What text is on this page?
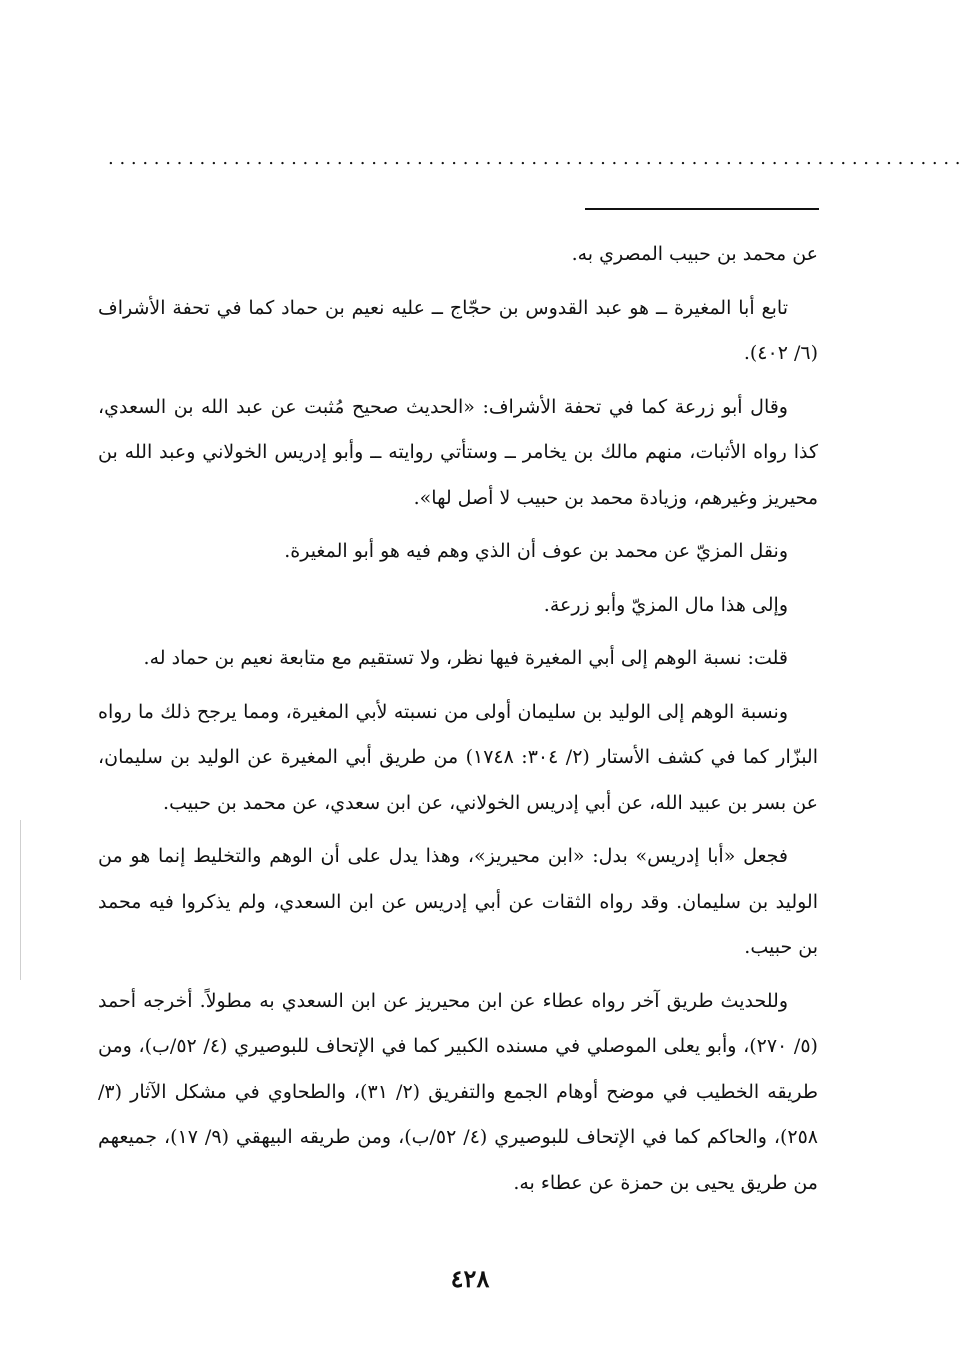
. . . . . . . . . . . . . . . . . . . . . . . . . . . . . . . . . . . . . . . . . . . . . . . . . . . . . . . . . . . . . . . . . . . . . . . . . . .

عن محمد بن حبيب المصري به.

تابع أبا المغيرة ــ هو عبد القدوس بن حجّاج ــ عليه نعيم بن حماد كما في تحفة الأشراف (٦/ ٤٠٢).

وقال أبو زرعة كما في تحفة الأشراف: «الحديث صحيح مُثبت عن عبد الله بن السعدي، كذا رواه الأثبات، منهم مالك بن يخامر ــ وستأتي روايته ــ وأبو إدريس الخولاني وعبد الله بن محيريز وغيرهم، وزيادة محمد بن حبيب لا أصل لها».

ونقل المزيّ عن محمد بن عوف أن الذي وهم فيه هو أبو المغيرة.

وإلى هذا مال المزيّ وأبو زرعة.

قلت: نسبة الوهم إلى أبي المغيرة فيها نظر، ولا تستقيم مع متابعة نعيم بن حماد له.

ونسبة الوهم إلى الوليد بن سليمان أولى من نسبته لأبي المغيرة، ومما يرجح ذلك ما رواه البزّار كما في كشف الأستار (٢/ ٣٠٤: ١٧٤٨) من طريق أبي المغيرة عن الوليد بن سليمان، عن بسر بن عبيد الله، عن أبي إدريس الخولاني، عن ابن سعدي، عن محمد بن حبيب.

فجعل «أبا إدريس» بدل: «ابن محيريز»، وهذا يدل على أن الوهم والتخليط إنما هو من الوليد بن سليمان. وقد رواه الثقات عن أبي إدريس عن ابن السعدي، ولم يذكروا فيه محمد بن حبيب.

وللحديث طريق آخر رواه عطاء عن ابن محيريز عن ابن السعدي به مطولاً. أخرجه أحمد (٥/ ٢٧٠)، وأبو يعلى الموصلي في مسنده الكبير كما في الإتحاف للبوصيري (٤/ ٥٢/ب)، ومن طريقه الخطيب في موضح أوهام الجمع والتفريق (٢/ ٣١)، والطحاوي في مشكل الآثار (٣/ ٢٥٨)، والحاكم كما في الإتحاف للبوصيري (٤/ ٥٢/ب)، ومن طريقه البيهقي (٩/ ١٧)، جميعهم من طريق يحيى بن حمزة عن عطاء به.

٤٢٨
